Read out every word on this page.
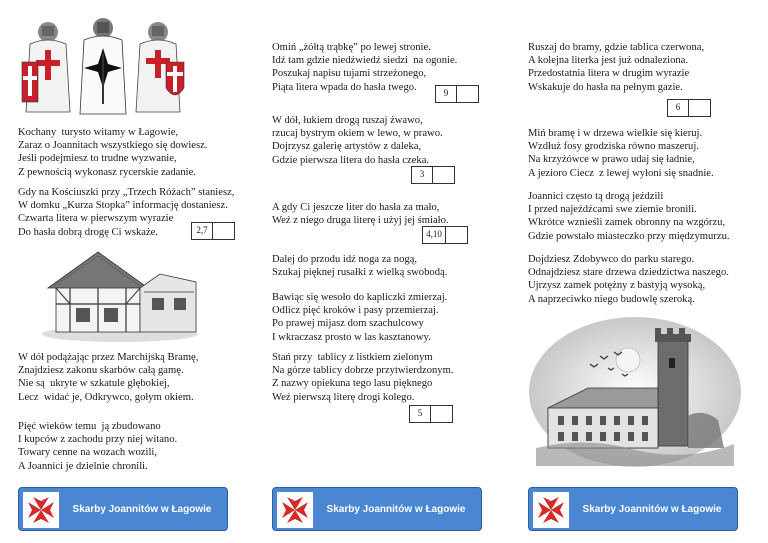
Kochany  turysto witamy w Łagowie,
Zaraz o Joannitach wszystkiego się dowiesz.
Jeśli podejmiesz to trudne wyzwanie,
Z pewnością wykonasz rycerskie zadanie.
Gdy na Kościuszki przy „Trzech Różach” staniesz,
W domku „Kurza Stopka” informację dostaniesz.
Czwarta litera w pierwszym wyrazie
Do hasła dobrą drogę Ci wskaże.	2,7
W dół podążając przez Marchijską Bramę,
Znajdziesz zakonu skarbów całą gamę.
Nie są  ukryte w szkatule głębokiej,
Lecz  widać je, Odkrywco, gołym okiem.
Pięć wieków temu  ją zbudowano
I kupców z zachodu przy niej witano.
Towary cenne na wozach wozili,
A Joannici je dzielnie chronili.
Skarby Joannitów w Łagowie
Omiń „żółtą trąbkę” po lewej stronie.
Idź tam gdzie niedźwiedź siedzi  na ogonie.
Poszukaj napisu tujami strzeżonego,
Piąta litera wpada do hasła twego.
9
W dół, łukiem drogą ruszaj żwawo,
rzucaj bystrym okiem w lewo, w prawo.
Dojrzysz galerię artystów z daleka,
Gdzie pierwsza litera do hasła czeka.
3
A gdy Ci jeszcze liter do hasła za mało,
Weź z niego druga literę i użyj jej śmiało.
4,10
Dalej do przodu idź noga za nogą,
Szukaj pięknej rusałki z wielką swobodą.
Bawiąc się wesoło do kapliczki zmierzaj.
Odlicz pięć kroków i pasy przemierzaj.
Po prawej mijasz dom szachulcowy
I wkraczasz prosto w las kasztanowy.
Stań przy  tablicy z listkiem zielonym
Na górze tablicy dobrze przytwierdzonym.
Z nazwy opiekuna tego lasu pięknego
Weź pierwszą literę drogi kolego.
5
Skarby Joannitów w Łagowie
Ruszaj do bramy, gdzie tablica czerwona,
A kolejna literka jest już odnaleziona.
Przedostatnia litera w drugim wyrazie
Wskakuje do hasła na pełnym gazie.
6
Miń bramę i w drzewa wielkie się kieruj.
Wzdłuż fosy grodziska równo maszeruj.
Na krzyżówce w prawo udaj się ładnie,
A jezioro Ciecz  z lewej wyłoni się snadnie.
Joannici często tą drogą jeździli
I przed najeźdźcami swe ziemie bronili.
Wkrótce wznieśli zamek obronny na wzgórzu,
Gdzie powstało miasteczko przy międzymurzu.
Dojdziesz Zdobywco do parku starego.
Odnajdziesz stare drzewa dziedzictwa naszego.
Ujrzysz zamek potężny z bastyją wysoką,
A naprzeciwko niego budowlę szeroką.
Skarby Joannitów w Łagowie
